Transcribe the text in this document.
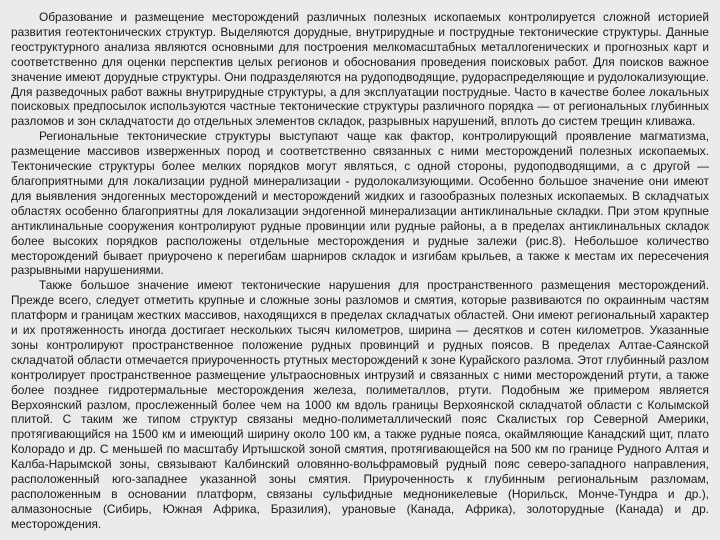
Образование и размещение месторождений различных полезных ископаемых контролируется сложной историей развития геотектонических структур. Выделяются дорудные, внутрирудные и пострудные тектонические структуры. Данные геоструктурного анализа являются основными для построения мелкомасштабных металлогенических и прогнозных карт и соответственно для оценки перспектив целых регионов и обоснования проведения поисковых работ. Для поисков важное значение имеют дорудные структуры. Они подразделяются на рудоподводящие, рудораспределяющие и рудолокализующие. Для разведочных работ важны внутрирудные структуры, а для эксплуатации пострудные. Часто в качестве более локальных поисковых предпосылок используются частные тектонические структуры различного порядка — от региональных глубинных разломов и зон складчатости до отдельных элементов складок, разрывных нарушений, вплоть до систем трещин кливажа.

Региональные тектонические структуры выступают чаще как фактор, контролирующий проявление магматизма, размещение массивов изверженных пород и соответственно связанных с ними месторождений полезных ископаемых. Тектонические структуры более мелких порядков могут являться, с одной стороны, рудоподводящими, а с другой — благоприятными для локализации рудной минерализации - рудолокализующими. Особенно большое значение они имеют для выявления эндогенных месторождений и месторождений жидких и газообразных полезных ископаемых. В складчатых областях особенно благоприятны для локализации эндогенной минерализации антиклинальные складки. При этом крупные антиклинальные сооружения контролируют рудные провинции или рудные районы, а в пределах антиклинальных складок более высоких порядков расположены отдельные месторождения и рудные залежи (рис.8). Небольшое количество месторождений бывает приурочено к перегибам шарниров складок и изгибам крыльев, а также к местам их пересечения разрывными нарушениями.

Также большое значение имеют тектонические нарушения для пространственного размещения месторождений. Прежде всего, следует отметить крупные и сложные зоны разломов и смятия, которые развиваются по окраинным частям платформ и границам жестких массивов, находящихся в пределах складчатых областей. Они имеют региональный характер и их протяженность иногда достигает нескольких тысяч километров, ширина — десятков и сотен километров. Указанные зоны контролируют пространственное положение рудных провинций и рудных поясов. В пределах Алтае-Саянской складчатой области отмечается приуроченность ртутных месторождений к зоне Курайского разлома. Этот глубинный разлом контролирует пространственное размещение ультраосновных интрузий и связанных с ними месторождений ртути, а также более позднее гидротермальные месторождения железа, полиметаллов, ртути. Подобным же примером является Верхоянский разлом, прослеженный более чем на 1000 км вдоль границы Верхоянской складчатой области с Колымской плитой. С таким же типом структур связаны медно-полиметаллический пояс Скалистых гор Северной Америки, протягивающийся на 1500 км и имеющий ширину около 100 км, а также рудные пояса, окаймляющие Канадский щит, плато Колорадо и др. С меньшей по масштабу Иртышской зоной смятия, протягивающейся на 500 км по границе Рудного Алтая и Калба-Нарымской зоны, связывают Калбинский оловянно-вольфрамовый рудный пояс северо-западного направления, расположенный юго-западнее указанной зоны смятия. Приуроченность к глубинным региональным разломам, расположенным в основании платформ, связаны сульфидные медноникелевые (Норильск, Монче-Тундра и др.), алмазоносные (Сибирь, Южная Африка, Бразилия), урановые (Канада, Африка), золоторудные (Канада) и др. месторождения.
